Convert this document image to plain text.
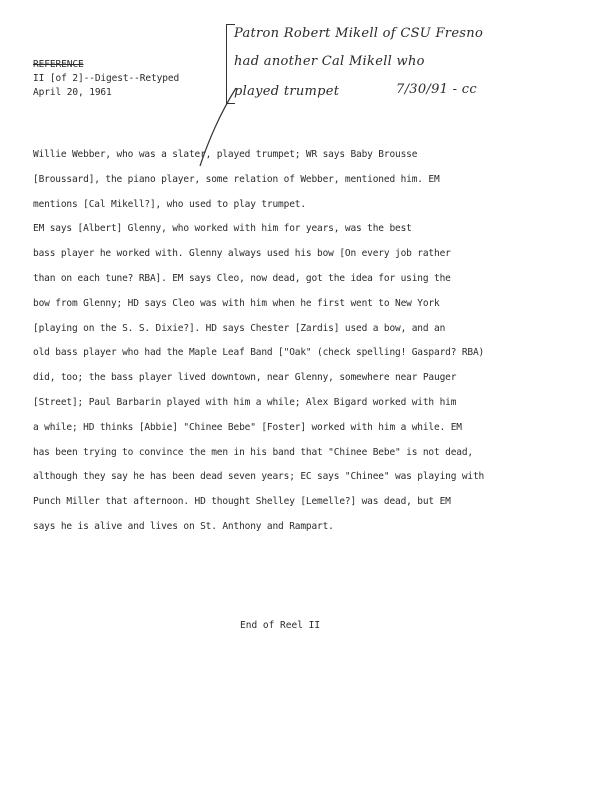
REFERENCE
II [of 2]--Digest--Retyped
April 20, 1961
Patron Robert Mikell of CSU Fresno
had another Cal Mikell who
played trumpet	7/30/91 - cc
Willie Webber, who was a slater, played trumpet; WR says Baby Brousse
[Broussard], the piano player, some relation of Webber, mentioned him. EM
mentions [Cal Mikell?], who used to play trumpet.
EM says [Albert] Glenny, who worked with him for years, was the best
bass player he worked with. Glenny always used his bow [On every job rather
than on each tune? RBA]. EM says Cleo, now dead, got the idea for using the
bow from Glenny; HD says Cleo was with him when he first went to New York
[playing on the S. S. Dixie?]. HD says Chester [Zardis] used a bow, and an
old bass player who had the Maple Leaf Band ["Oak" (check spelling! Gaspard? RBA)
did, too; the bass player lived downtown, near Glenny, somewhere near Pauger
[Street]; Paul Barbarin played with him a while; Alex Bigard worked with him
a while; HD thinks [Abbie] "Chinee Bebe" [Foster] worked with him a while. EM
has been trying to convince the men in his band that "Chinee Bebe" is not dead,
although they say he has been dead seven years; EC says "Chinee" was playing with
Punch Miller that afternoon. HD thought Shelley [Lemelle?] was dead, but EM
says he is alive and lives on St. Anthony and Rampart.
End of Reel II
